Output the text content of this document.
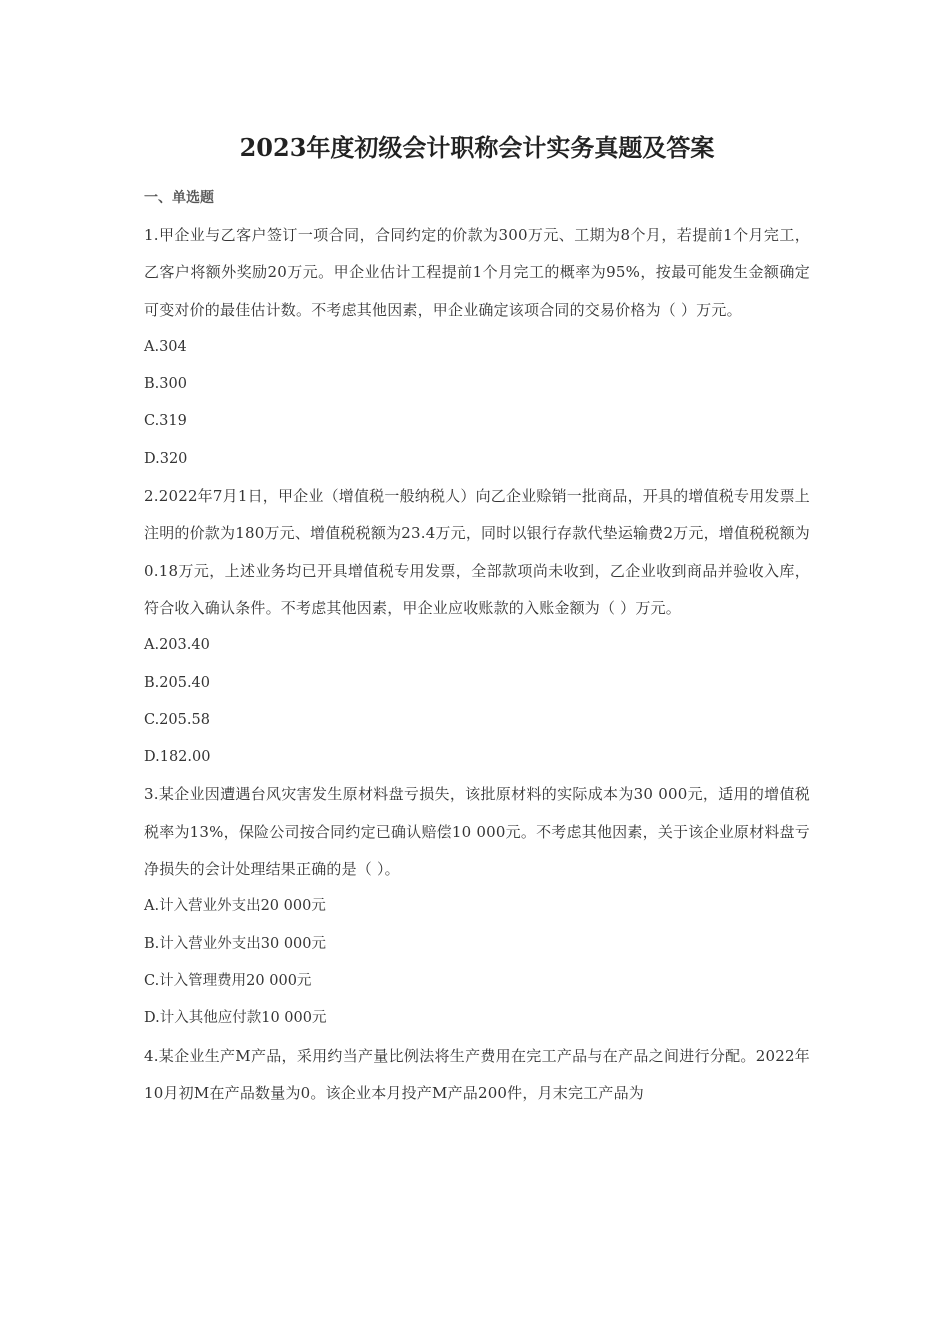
2023年度初级会计职称会计实务真题及答案
一、单选题

1.甲企业与乙客户签订一项合同，合同约定的价款为300万元、工期为8个月，若提前1个月完工，乙客户将额外奖励20万元。甲企业估计工程提前1个月完工的概率为95%，按最可能发生金额确定可变对价的最佳估计数。不考虑其他因素，甲企业确定该项合同的交易价格为（ ）万元。

A.304
B.300
C.319
D.320

2.2022年7月1日，甲企业（增值税一般纳税人）向乙企业赊销一批商品，开具的增值税专用发票上注明的价款为180万元、增值税税额为23.4万元，同时以银行存款代垫运输费2万元，增值税税额为0.18万元，上述业务均已开具增值税专用发票，全部款项尚未收到，乙企业收到商品并验收入库，符合收入确认条件。不考虑其他因素，甲企业应收账款的入账金额为（ ）万元。

A.203.40
B.205.40
C.205.58
D.182.00

3.某企业因遭遇台风灾害发生原材料盘亏损失，该批原材料的实际成本为30 000元，适用的增值税税率为13%，保险公司按合同约定已确认赔偿10 000元。不考虑其他因素，关于该企业原材料盘亏净损失的会计处理结果正确的是（ ）。

A.计入营业外支出20 000元
B.计入营业外支出30 000元
C.计入管理费用20 000元
D.计入其他应付款10 000元

4.某企业生产M产品，采用约当产量比例法将生产费用在完工产品与在产品之间进行分配。2022年10月初M在产品数量为0。该企业本月投产M产品200件，月末完工产品为
